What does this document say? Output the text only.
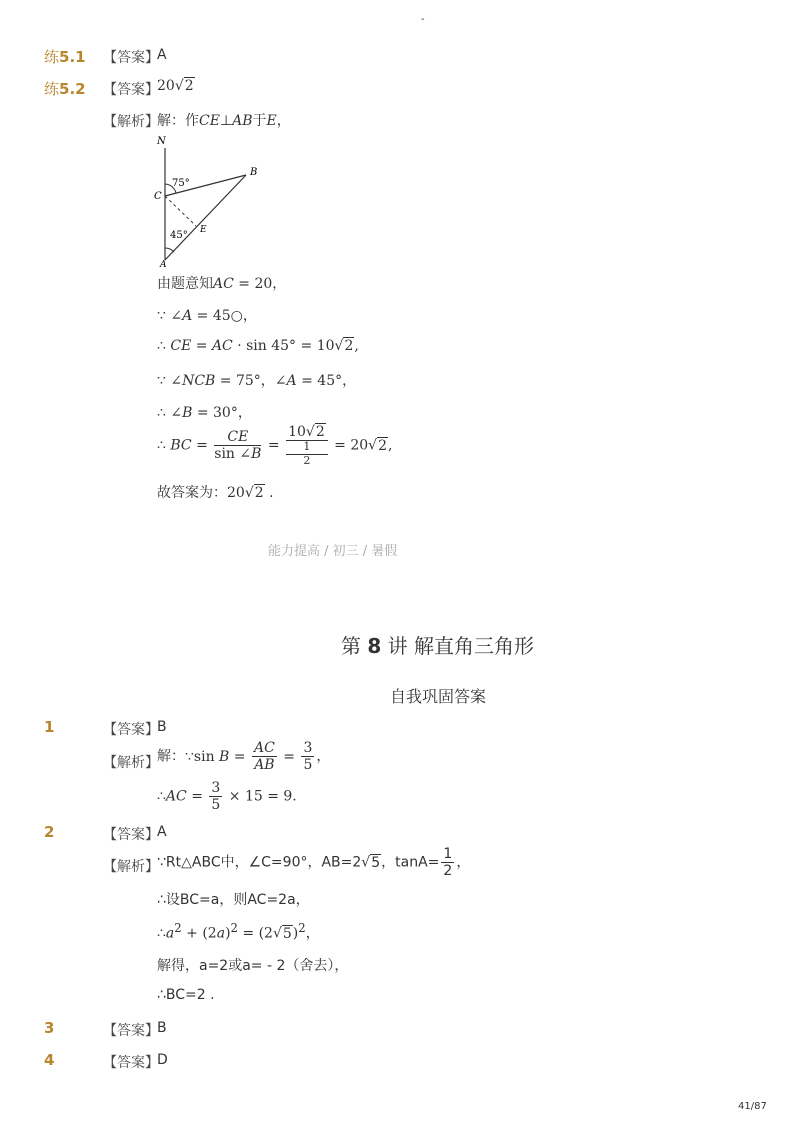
-
练5.1 【答案】
A
练5.2 【答案】
20√2
【解析】
解：作CE⊥AB于E，
N
B
C
E
A
75°
45°
由题意知AC = 20，
∵ ∠A = 45○，
∴ CE = AC · sin 45° = 10√2,
∵ ∠NCB = 75°，∠A = 45°，
∴ ∠B = 30°，
∴ BC = $\frac{CE}{\sin \angle B} = 10√2$
1
2 = 20√2,
故答案为：20√2 .
能力提高 / 初三 / 暑假
第 8 讲 解直角三角形
自我巩固答案
1	【答案】
B
【解析】
解：∵sin $B = \frac{AC}{AB} = \frac{3}{5}$ ，
∴AC = $\frac{3}{5} \times 15 = 9$.
2	【答案】
A
【解析】
∵Rt△ABC中，∠C=90°，AB=2√5，$\tan A= \frac{1}{2}$ ，
∴设BC=a，则AC=2a，
$\therefore a^2 + (2a)^2 = (2√5)^2$，
解得，a=2或a= - 2（舍去），
∴BC=2 .
3	【答案】
B
4	【答案】
D
41/87
